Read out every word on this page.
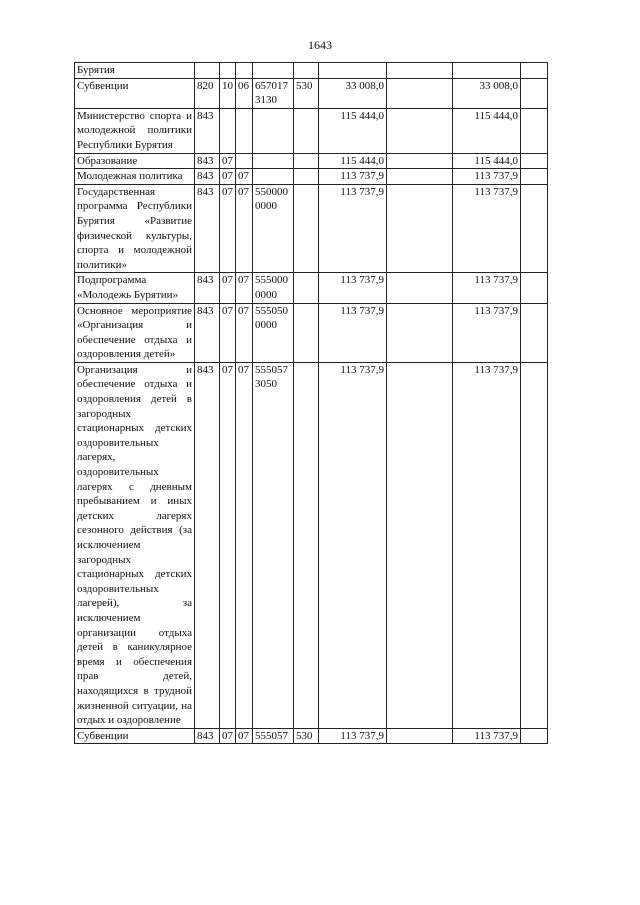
1643
Бурятия									
Субвенции	820	10	06	657017 3130	530	33 008,0		33 008,0	
Министерство спорта и молодежной политики Республики Бурятия	843					115 444,0		115 444,0	
Образование	843	07				115 444,0		115 444,0	
Молодежная политика	843	07	07			113 737,9		113 737,9	
Государственная программа Республики Бурятия «Развитие физической культуры, спорта и молодежной политики»	843	07	07	550000 0000		113 737,9		113 737,9	
Подпрограмма «Молодежь Бурятии»	843	07	07	555000 0000		113 737,9		113 737,9	
Основное мероприятие «Организация и обеспечение отдыха и оздоровления детей»	843	07	07	555050 0000		113 737,9		113 737,9	
Организация и обеспечение отдыха и оздоровления детей в загородных стационарных детских оздоровительных лагерях, оздоровительных лагерях с дневным пребыванием и иных детских лагерях сезонного действия (за исключением загородных стационарных детских оздоровительных лагерей), за исключением организации отдыха детей в каникулярное время и обеспечения прав детей, находящихся в трудной жизненной ситуации, на отдых и оздоровление	843	07	07	555057 3050		113 737,9		113 737,9	
Субвенции	843	07	07	555057	530	113 737,9		113 737,9	
